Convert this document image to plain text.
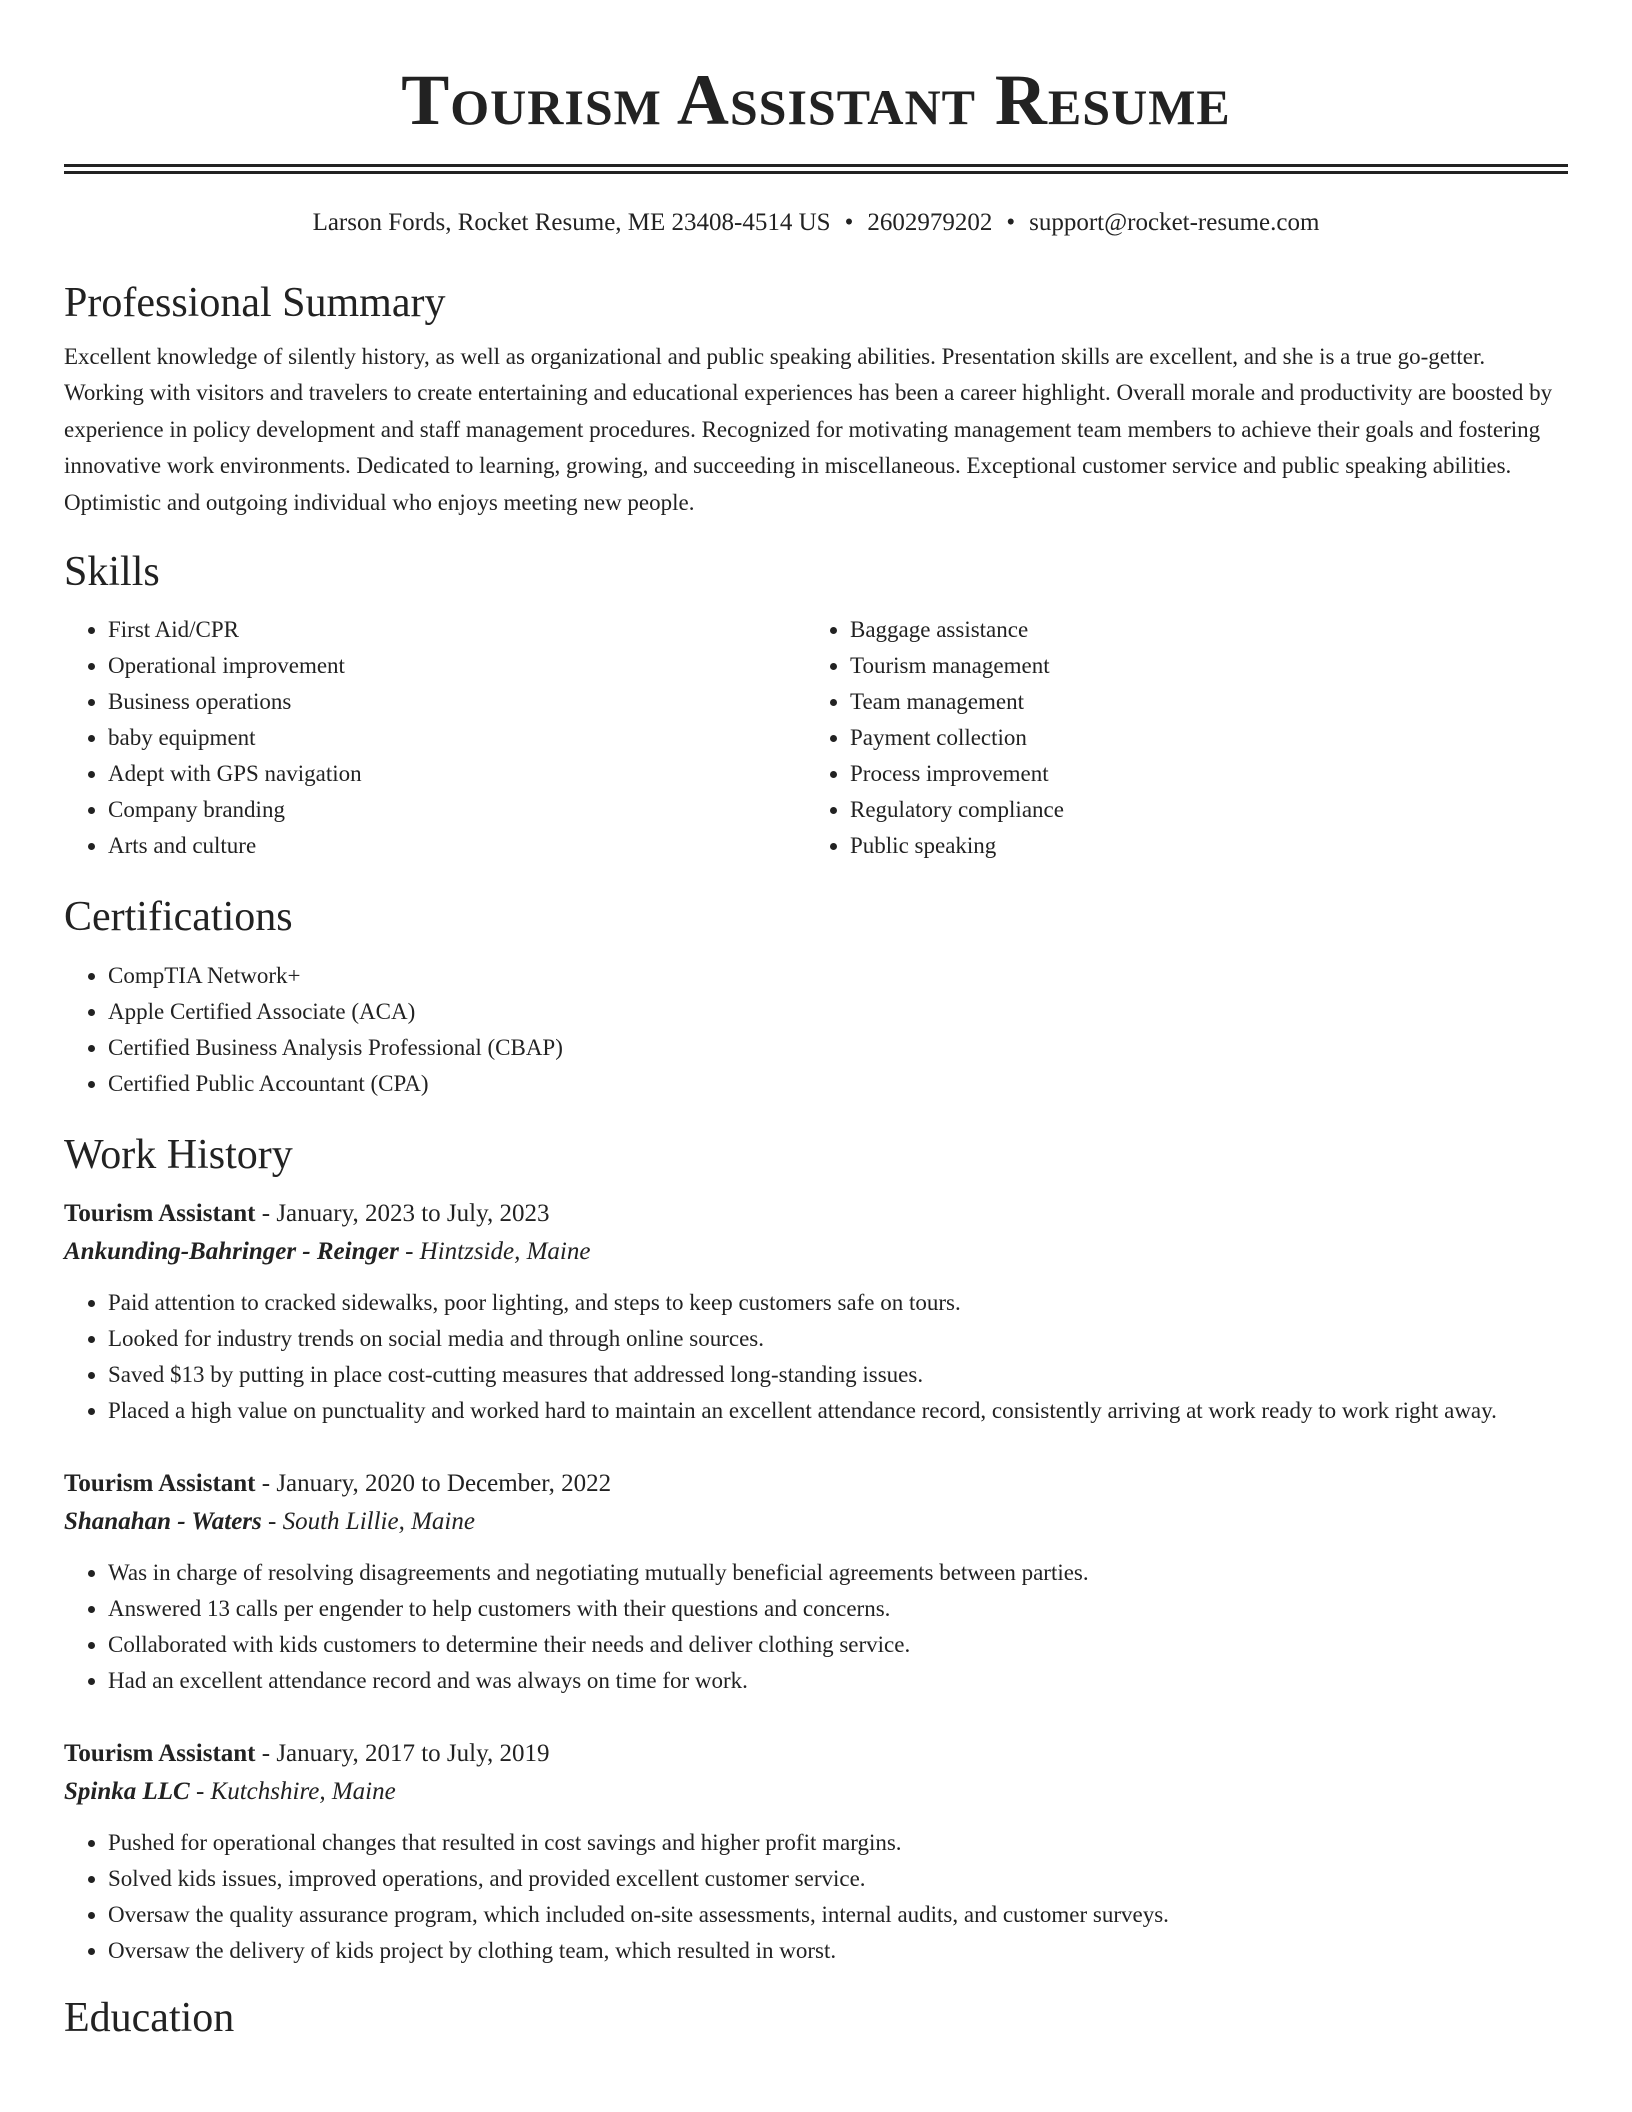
Tourism Assistant Resume
Larson Fords, Rocket Resume, ME 23408-4514 US • 2602979202 • support@rocket-resume.com
Professional Summary

Excellent knowledge of silently history, as well as organizational and public speaking abilities. Presentation skills are excellent, and she is a true go-getter. Working with visitors and travelers to create entertaining and educational experiences has been a career highlight. Overall morale and productivity are boosted by experience in policy development and staff management procedures. Recognized for motivating management team members to achieve their goals and fostering innovative work environments. Dedicated to learning, growing, and succeeding in miscellaneous. Exceptional customer service and public speaking abilities. Optimistic and outgoing individual who enjoys meeting new people.

Skills
• First Aid/CPR
• Operational improvement
• Business operations
• baby equipment
• Adept with GPS navigation
• Company branding
• Arts and culture
• Baggage assistance
• Tourism management
• Team management
• Payment collection
• Process improvement
• Regulatory compliance
• Public speaking
Certifications
• CompTIA Network+
• Apple Certified Associate (ACA)
• Certified Business Analysis Professional (CBAP)
• Certified Public Accountant (CPA)
Work History
Tourism Assistant - January, 2023 to July, 2023
Ankunding-Bahringer - Reinger - Hintzside, Maine
• Paid attention to cracked sidewalks, poor lighting, and steps to keep customers safe on tours.
• Looked for industry trends on social media and through online sources.
• Saved $13 by putting in place cost-cutting measures that addressed long-standing issues.
• Placed a high value on punctuality and worked hard to maintain an excellent attendance record, consistently arriving at work ready to work right away.
Tourism Assistant - January, 2020 to December, 2022
Shanahan - Waters - South Lillie, Maine
• Was in charge of resolving disagreements and negotiating mutually beneficial agreements between parties.
• Answered 13 calls per engender to help customers with their questions and concerns.
• Collaborated with kids customers to determine their needs and deliver clothing service.
• Had an excellent attendance record and was always on time for work.
Tourism Assistant - January, 2017 to July, 2019
Spinka LLC - Kutchshire, Maine
• Pushed for operational changes that resulted in cost savings and higher profit margins.
• Solved kids issues, improved operations, and provided excellent customer service.
• Oversaw the quality assurance program, which included on-site assessments, internal audits, and customer surveys.
• Oversaw the delivery of kids project by clothing team, which resulted in worst.
Education
